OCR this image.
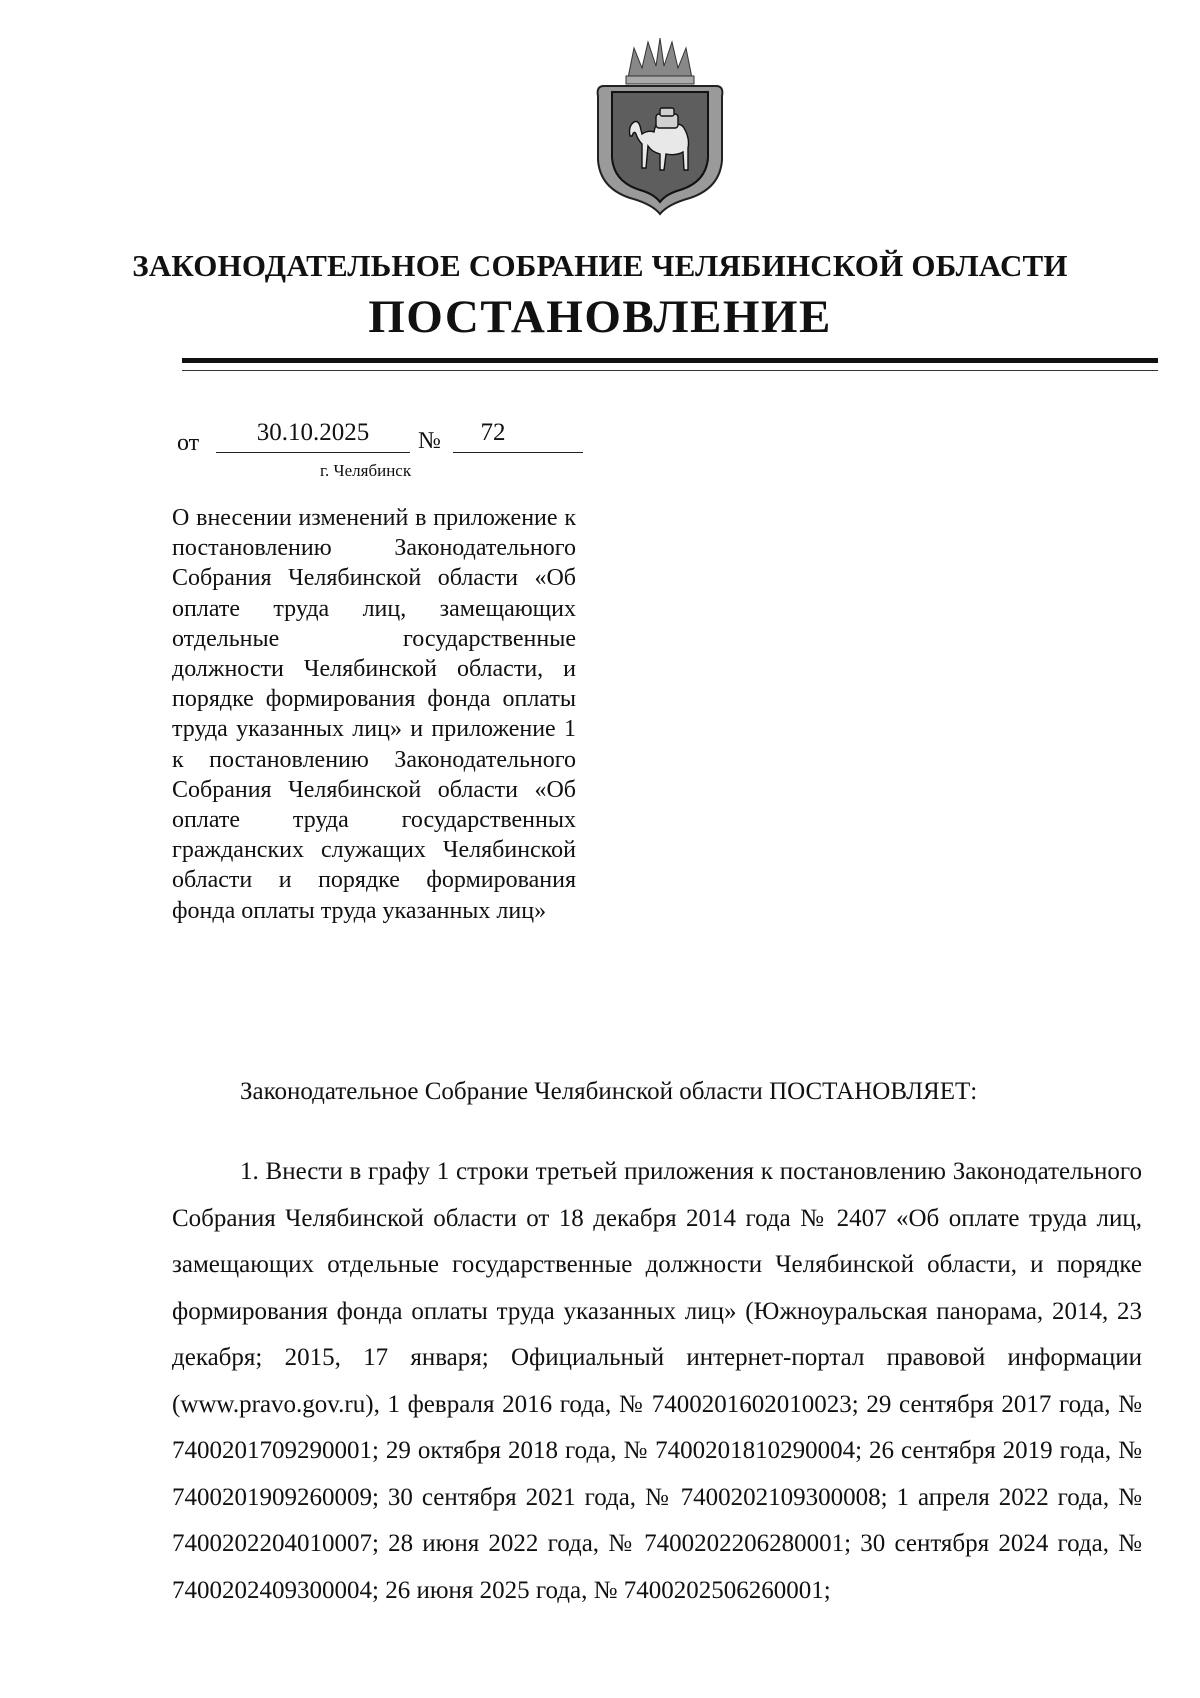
ЗАКОНОДАТЕЛЬНОЕ СОБРАНИЕ ЧЕЛЯБИНСКОЙ ОБЛАСТИ
ПОСТАНОВЛЕНИЕ
от	30.10.2025	№	72
г. Челябинск

О внесении изменений в приложение к постановлению Законодательного Собрания Челябинской области «Об оплате труда лиц, замещающих отдельные государственные должности Челябинской области, и порядке формирования фонда оплаты труда указанных лиц» и приложение 1 к постановлению Законодательного Собрания Челябинской области «Об оплате труда государственных гражданских служащих Челябинской области и порядке формирования фонда оплаты труда указанных лиц»

Законодательное Собрание Челябинской области ПОСТАНОВЛЯЕТ:

1. Внести в графу 1 строки третьей приложения к постановлению Законодательного Собрания Челябинской области от 18 декабря 2014 года № 2407 «Об оплате труда лиц, замещающих отдельные государственные должности Челябинской области, и порядке формирования фонда оплаты труда указанных лиц» (Южноуральская панорама, 2014, 23 декабря; 2015, 17 января; Официальный интернет-портал правовой информации (www.pravo.gov.ru), 1 февраля 2016 года, № 7400201602010023; 29 сентября 2017 года, № 7400201709290001; 29 октября 2018 года, № 7400201810290004; 26 сентября 2019 года, № 7400201909260009; 30 сентября 2021 года, № 7400202109300008; 1 апреля 2022 года, № 7400202204010007; 28 июня 2022 года, № 7400202206280001; 30 сентября 2024 года, № 7400202409300004; 26 июня 2025 года, № 7400202506260001;
